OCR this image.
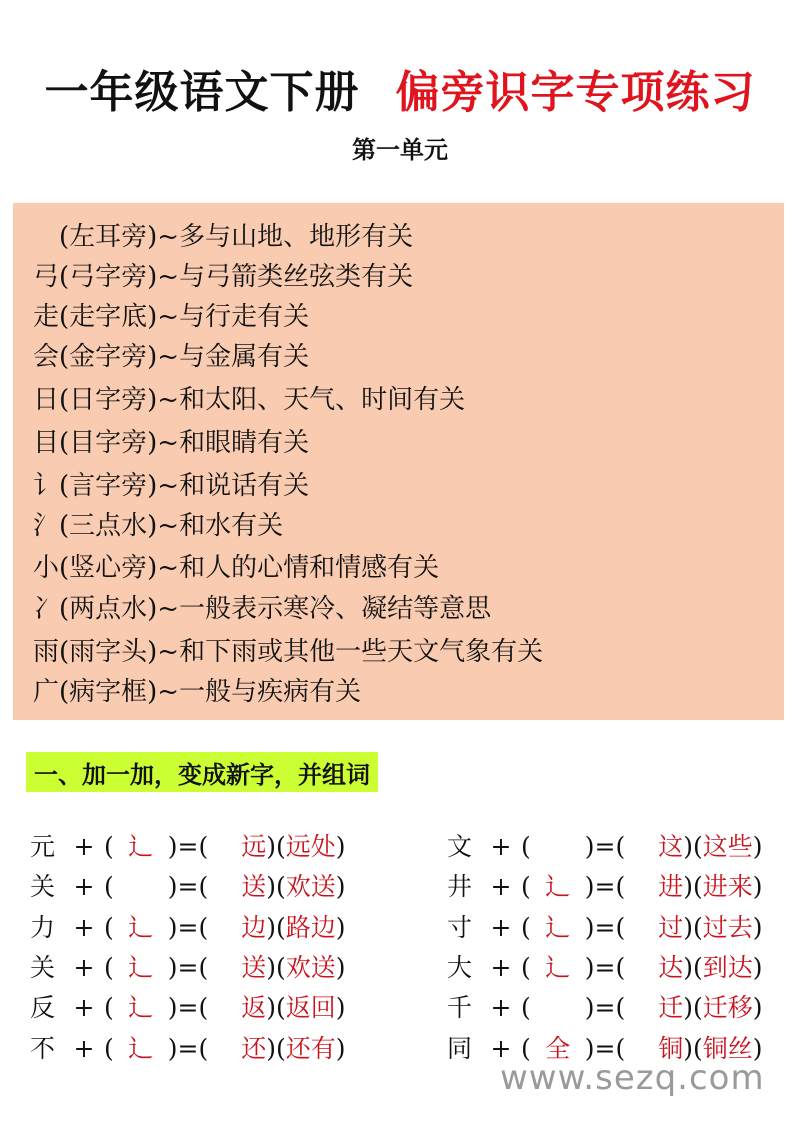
一年级语文下册 偏旁识字专项练习
第一单元
　(左耳旁)~多与山地、地形有关
弓(弓字旁)~与弓箭类丝弦类有关
走(走字底)~与行走有关
会(金字旁)~与金属有关
日(日字旁)~和太阳、天气、时间有关
目(目字旁)~和眼睛有关
讠(言字旁)~和说话有关
氵(三点水)~和水有关
小(竖心旁)~和人的心情和情感有关
冫(两点水)~一般表示寒冷、凝结等意思
雨(雨字头)~和下雨或其他一些天文气象有关
广(病字框)~一般与疾病有关
一、加一加，变成新字，并组词
元 + ( 辶 )=(	远 )( 远处 )
关 + ( )=(	送 )( 欢送 )
力 + ( 辶 )=(	边 )( 路边 )
关 + ( 辶 )=(	送 )( 欢送 )
反 + ( 辶 )=(	返 )( 返回 )
不 + ( 辶 )=(	还 )( 还有 )
文 + ( )=(	这 )( 这些 )
井 + ( 辶 )=(	进 )( 进来 )
寸 + ( 辶 )=(	过 )( 过去 )
大 + ( 辶 )=(	达 )( 到达 )
千 + ( )=(	迁 )( 迁移 )
同 + ( 全 )=(	铜 )( 铜丝 )
www.sezq.com
